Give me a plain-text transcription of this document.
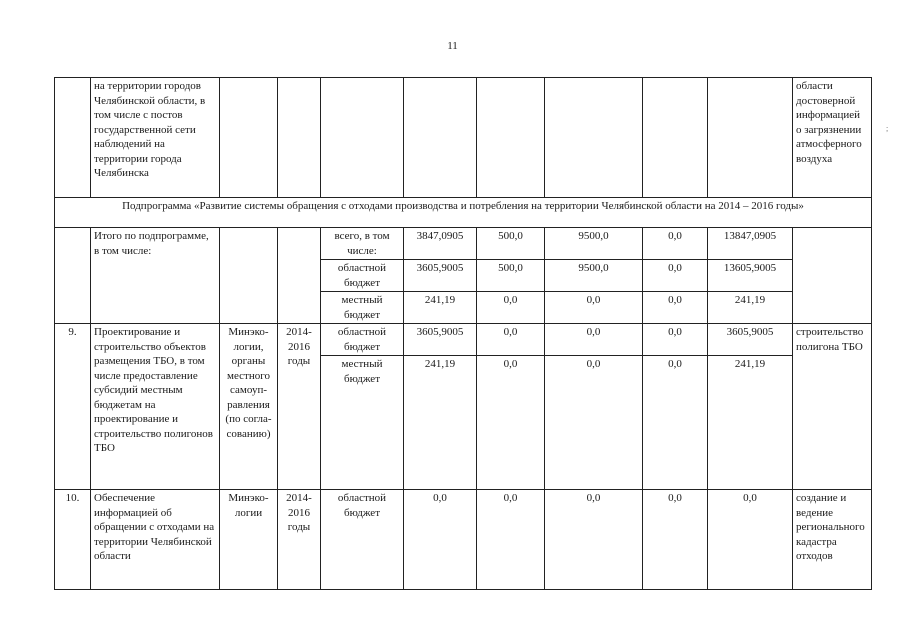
11
;
	на территории городов Челябинской области, в том числе с постов государственной сети наблюдений на территории города Челябинска									области достоверной информацией о загрязнении атмосферного воздуха
Подпрограмма «Развитие системы обращения с отходами производства и потребления на территории Челябинской области на 2014 – 2016 годы»										
	Итого по подпрограмме, в том числе:			всего, в том числе:	3847,0905	500,0	9500,0	0,0	13847,0905	
				областной бюджет	3605,9005	500,0	9500,0	0,0	13605,9005	
				местный бюджет	241,19	0,0	0,0	0,0	241,19	
9.	Проектирование и строительство объектов размещения ТБО, в том числе предоставление субсидий местным бюджетам на проектирование и строительство полигонов ТБО	Минэко-логии, органы местного самоуп-равления (по согла-сованию)	2014-2016 годы	областной бюджет	3605,9005	0,0	0,0	0,0	3605,9005	строительство полигона ТБО
				местный бюджет	241,19	0,0	0,0	0,0	241,19	
10.	Обеспечение информацией об обращении с отходами на территории Челябинской области	Минэко-логии	2014-2016 годы	областной бюджет	0,0	0,0	0,0	0,0	0,0	создание и ведение регионального кадастра отходов
